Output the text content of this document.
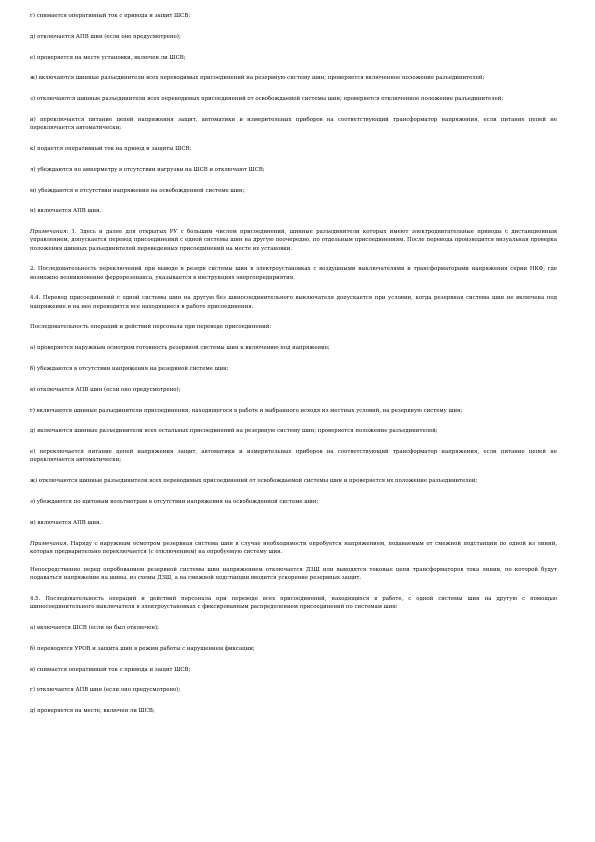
г) снимается оперативный ток с привода и защит ШСВ;

д) отключается АПВ шин (если оно предусмотрено);

е) проверяется на месте установки, включен ли ШСВ;

ж) включаются шинные разъединители всех переводимых присоединений на резервную систему шин; проверяется включенное положение разъединителей;

з) отключаются шинные разъединители всех переводимых присоединений от освобождаемой системы шин; проверяется отключенное положение разъединителей;

и) переключается питание цепей напряжения защит, автоматики и измерительных приборов на соответствующий трансформатор напряжения, если питание цепей не переключается автоматически;

к) подается оперативный ток на привод и защиты ШСВ;

л) убеждаются по амперметру в отсутствии нагрузки на ШСВ и отключают ШСВ;

м) убеждаются в отсутствии напряжения на освобожденной системе шин;

н) включается АПВ шин.

Примечания: 1. Здесь и далее для открытых РУ с большим числом присоединений, шинные разъединители которых имеют электродвигательные приводы с дистанционным управлением, допускается перевод присоединений с одной системы шин на другую поочередно, по отдельным присоединениям. После перевода производится визуальная проверка положения шинных разъединителей переведенных присоединений на месте их установки.

2. Последовательность переключений при выводе в резерв системы шин в электроустановках с воздушными выключателями и трансформаторами напряжения серии НКФ, где возможно возникновение феррорезонанса, указывается в инструкциях энергопредприятия.

4.4. Перевод присоединений с одной системы шин на другую без шиносоединительного выключателя допускается при условии, когда резервная система шин не включена под напряжение и на нее переводится все находящиеся в работе присоединения.

Последовательность операций и действий персонала при переводе присоединений:

а) проверяется наружным осмотром готовность резервной системы шин к включению под напряжение;

б) убеждаются в отсутствии напряжения на резервной системе шин;

в) отключается АПВ шин (если оно предусмотрено);

г) включаются шинные разъединители присоединения, находящегося в работе и выбранного исходя из местных условий, на резервную систему шин;

д) включаются шинные разъединители всех остальных присоединений на резервную систему шин; проверяется положение разъединителей;

е) переключается питание цепей напряжения защит, автоматики и измерительных приборов на соответствующий трансформатор напряжения, если питание цепей не переключается автоматически;

ж) отключаются шинные разъединители всех переводимых присоединений от освобождаемой системы шин и проверяется их положение разъединителей;

з) убеждаются по щитовым вольтметрам в отсутствии напряжения на освобожденной системе шин;

и) включается АПВ шин.

Примечания. Наряду с наружным осмотром резервная система шин в случае необходимости опробуется напряжением, подаваемым от смежной подстанции по одной из линий, которая предварительно переключается (с отключением) на опробуемую систему шин.

Непосредственно перед опробованием резервной системы шин напряжением отключается ДЗШ или выводятся токовые цепи трансформаторов тока линии, по которой будут подаваться напряжение на шины, из схемы ДЗШ, а на смежной подстанции вводится ускорение резервных защит.

4.5. Последовательность операций и действий персонала при переводе всех присоединений, находящихся в работе, с одной системы шин на другую с помощью шиносоединительного выключателя в электроустановках с фиксированным распределением присоединений по системам шин:

а) включается ШСВ (если он был отключен);

б) переводятся УРОВ и защита шин в режим работы с нарушением фиксации;

в) снимается оперативный ток с привода и защит ШСВ;

г) отключается АПВ шин (если оно предусмотрено);

д) проверяется на месте, включен ли ШСВ;
